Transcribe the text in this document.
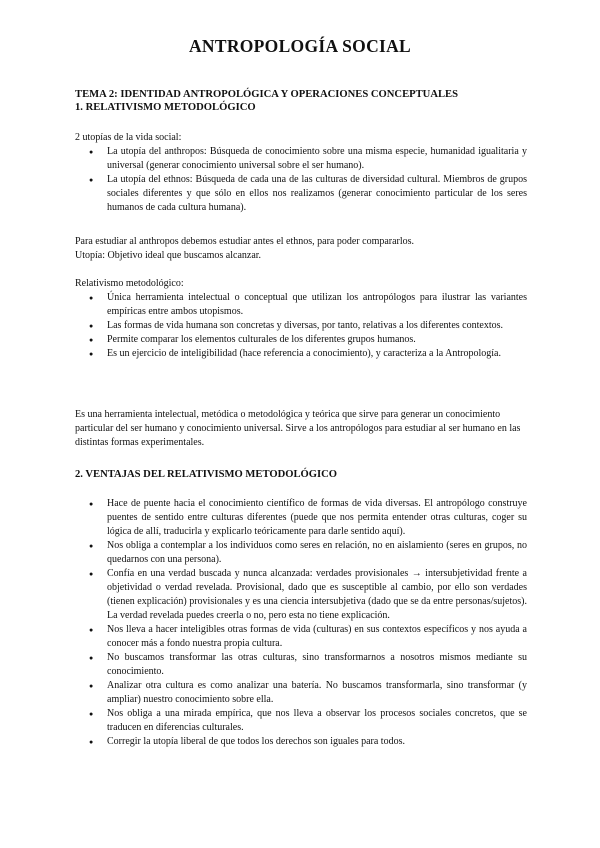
ANTROPOLOGÍA SOCIAL
TEMA 2: IDENTIDAD ANTROPOLÓGICA Y OPERACIONES CONCEPTUALES
1. RELATIVISMO METODOLÓGICO
2 utopías de la vida social:
● La utopía del anthropos: Búsqueda de conocimiento sobre una misma especie, humanidad igualitaria y universal (generar conocimiento universal sobre el ser humano).
● La utopía del ethnos: Búsqueda de cada una de las culturas de diversidad cultural. Miembros de grupos sociales diferentes y que sólo en ellos nos realizamos (generar conocimiento particular de los seres humanos de cada cultura humana).
Para estudiar al anthropos debemos estudiar antes el ethnos, para poder compararlos.
Utopía: Objetivo ideal que buscamos alcanzar.
Relativismo metodológico:
● Única herramienta intelectual o conceptual que utilizan los antropólogos para ilustrar las variantes empíricas entre ambos utopismos.
● Las formas de vida humana son concretas y diversas, por tanto, relativas a los diferentes contextos.
● Permite comparar los elementos culturales de los diferentes grupos humanos.
● Es un ejercicio de inteligibilidad (hace referencia a conocimiento), y caracteriza a la Antropología.
Es una herramienta intelectual, metódica o metodológica y teórica que sirve para generar un conocimiento particular del ser humano y conocimiento universal. Sirve a los antropólogos para estudiar al ser humano en las distintas formas experimentales.
2. VENTAJAS DEL RELATIVISMO METODOLÓGICO
● Hace de puente hacia el conocimiento científico de formas de vida diversas. El antropólogo construye puentes de sentido entre culturas diferentes (puede que nos permita entender otras culturas, coger su lógica de allí, traducirla y explicarlo teóricamente para darle sentido aquí).
● Nos obliga a contemplar a los individuos como seres en relación, no en aislamiento (seres en grupos, no quedarnos con una persona).
● Confía en una verdad buscada y nunca alcanzada: verdades provisionales → intersubjetividad frente a objetividad o verdad revelada. Provisional, dado que es susceptible al cambio, por ello son verdades (tienen explicación) provisionales y es una ciencia intersubjetiva (dado que se da entre personas/sujetos). La verdad revelada puedes creerla o no, pero esta no tiene explicación.
● Nos lleva a hacer inteligibles otras formas de vida (culturas) en sus contextos específicos y nos ayuda a conocer más a fondo nuestra propia cultura.
● No buscamos transformar las otras culturas, sino transformarnos a nosotros mismos mediante su conocimiento.
● Analizar otra cultura es como analizar una batería. No buscamos transformarla, sino transformar (y ampliar) nuestro conocimiento sobre ella.
● Nos obliga a una mirada empírica, que nos lleva a observar los procesos sociales concretos, que se traducen en diferencias culturales.
● Corregir la utopía liberal de que todos los derechos son iguales para todos.
